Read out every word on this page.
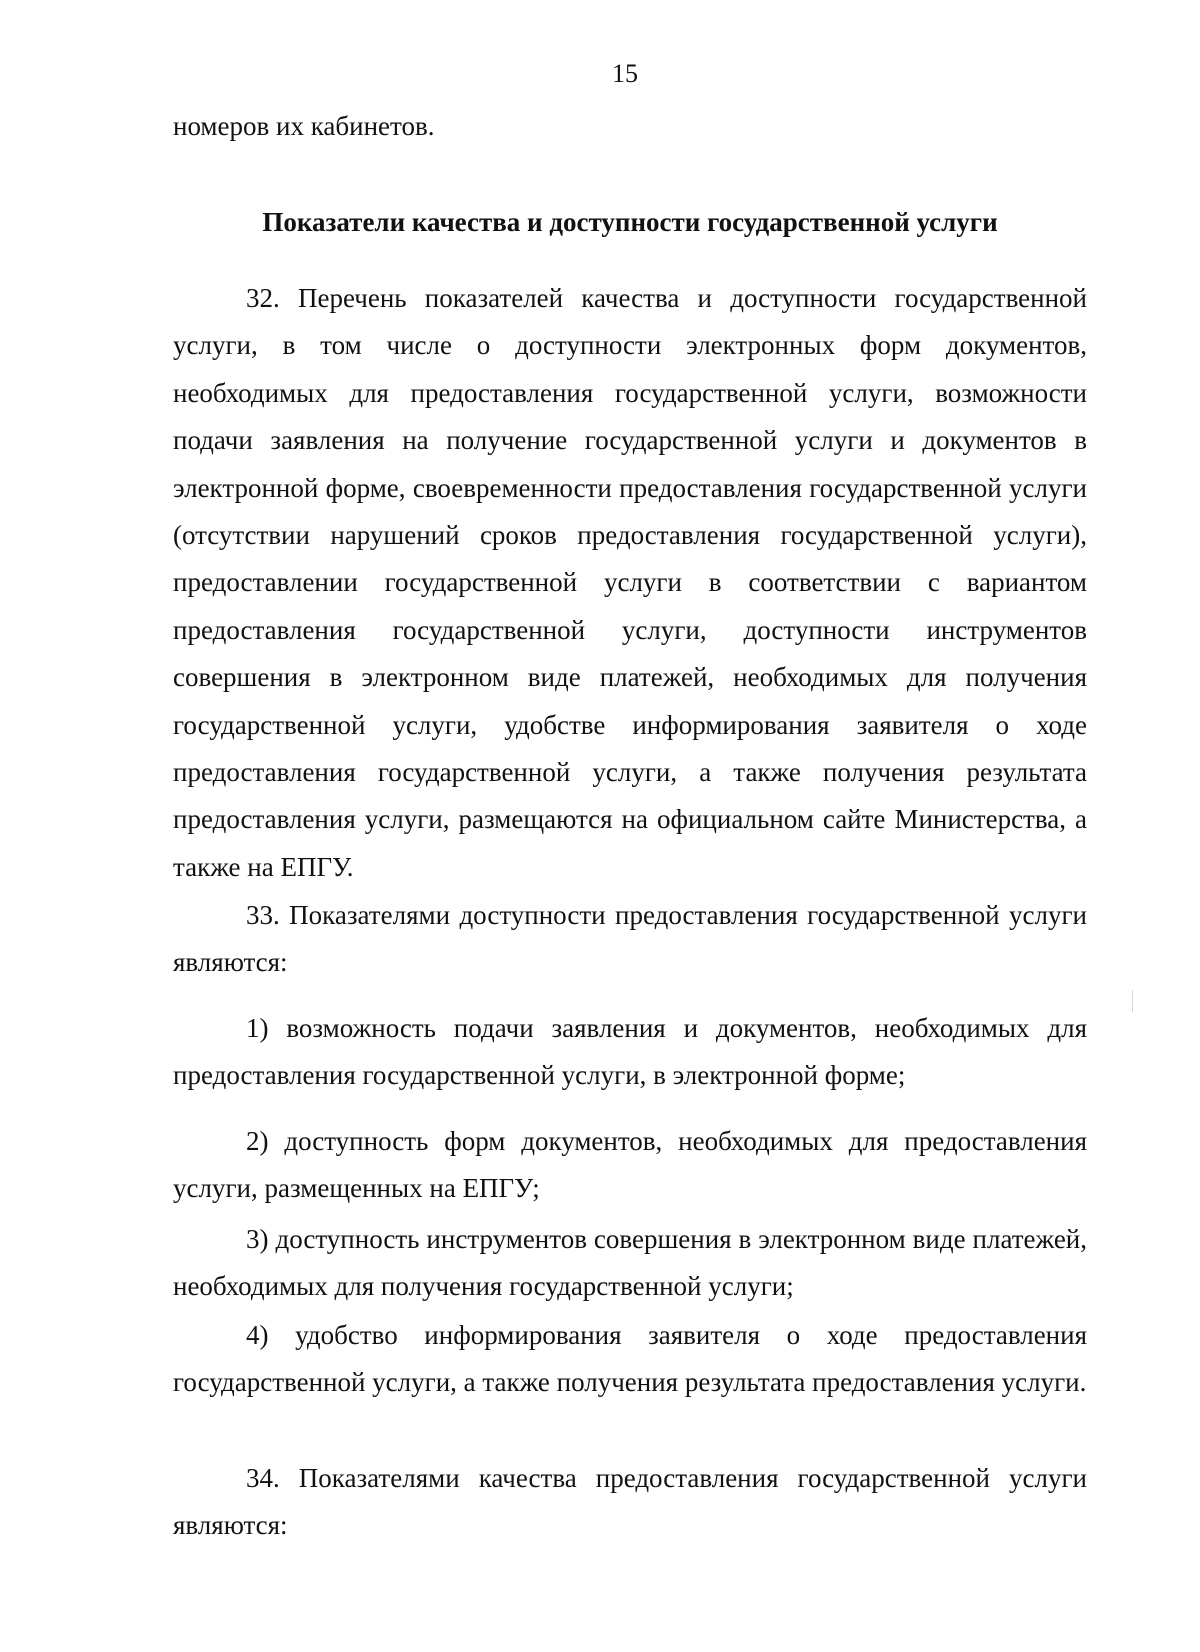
15

номеров их кабинетов.

Показатели качества и доступности государственной услуги

32. Перечень показателей качества и доступности государственной услуги, в том числе о доступности электронных форм документов, необходимых для предоставления государственной услуги, возможности подачи заявления на получение государственной услуги и документов в электронной форме, своевременности предоставления государственной услуги (отсутствии нарушений сроков предоставления государственной услуги), предоставлении государственной услуги в соответствии с вариантом предоставления государственной услуги, доступности инструментов совершения в электронном виде платежей, необходимых для получения государственной услуги, удобстве информирования заявителя о ходе предоставления государственной услуги, а также получения результата предоставления услуги, размещаются на официальном сайте Министерства, а также на ЕПГУ.

33. Показателями доступности предоставления государственной услуги являются:

1) возможность подачи заявления и документов, необходимых для предоставления государственной услуги, в электронной форме;

2) доступность форм документов, необходимых для предоставления услуги, размещенных на ЕПГУ;

3) доступность инструментов совершения в электронном виде платежей, необходимых для получения государственной услуги;

4) удобство информирования заявителя о ходе предоставления государственной услуги, а также получения результата предоставления услуги.

34. Показателями качества предоставления государственной услуги являются:
